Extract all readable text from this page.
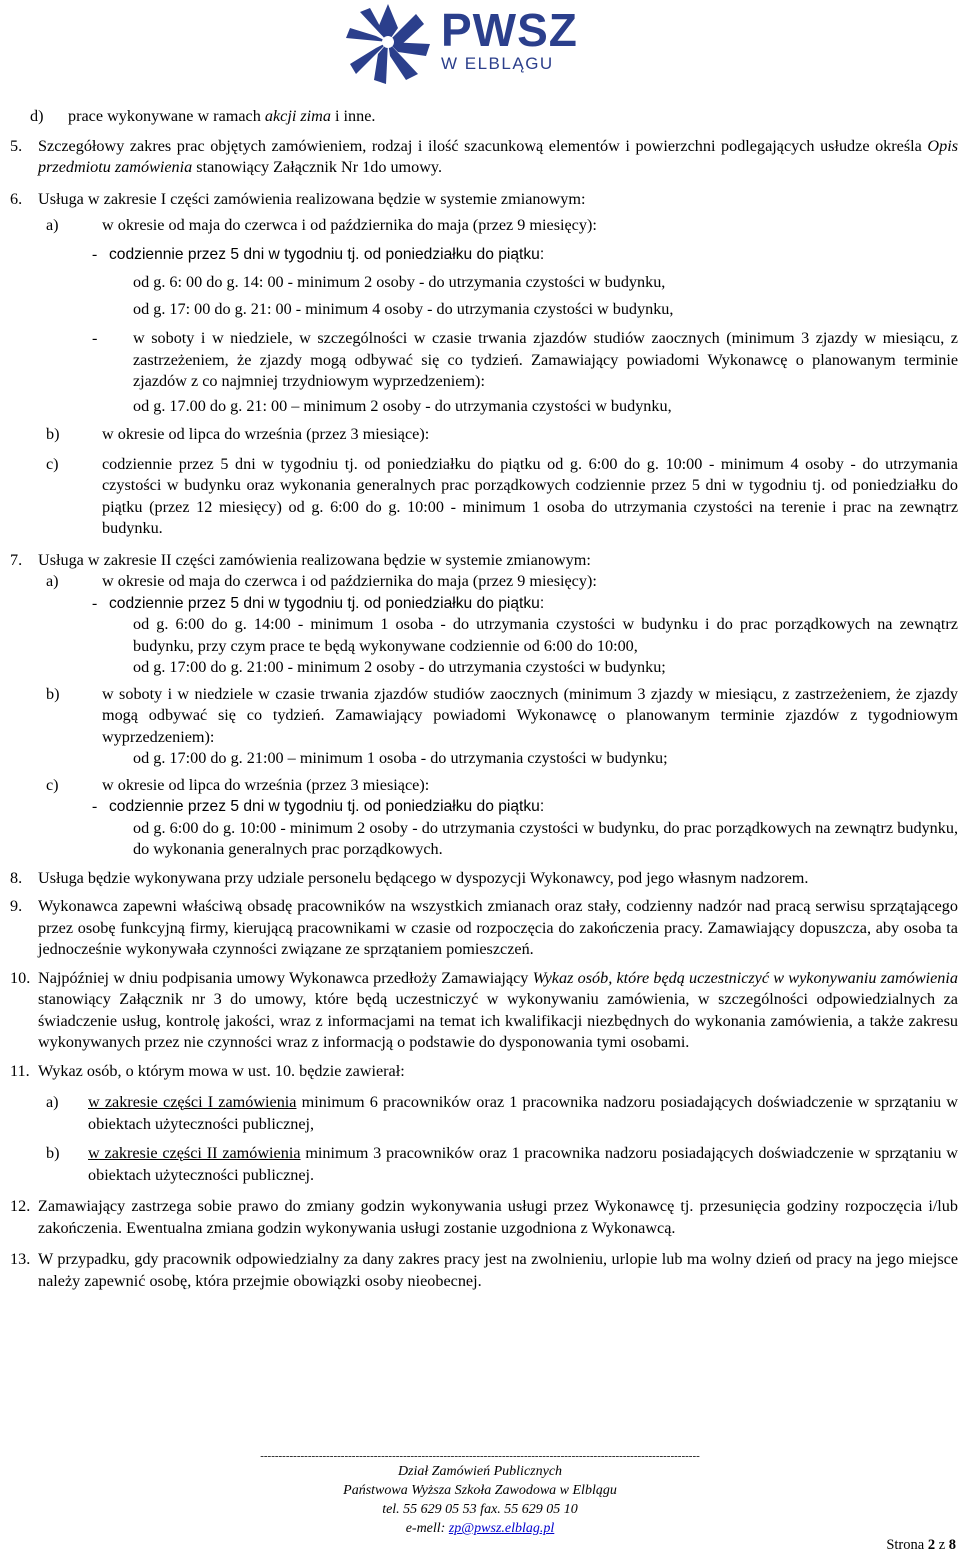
PWSZ
W ELBLĄGU
d)	prace wykonywane w ramach akcji zima i inne.
5. Szczegółowy zakres prac objętych zamówieniem, rodzaj i ilość szacunkową elementów i powierzchni podlegających usłudze określa Opis przedmiotu zamówienia stanowiący Załącznik Nr 1do umowy.
6. Usługa w zakresie I części zamówienia realizowana będzie w systemie zmianowym:
a)	w okresie od maja do czerwca i od października do maja (przez 9 miesięcy):
- codziennie przez 5 dni w tygodniu tj. od poniedziałku do piątku:
od g. 6: 00 do g. 14: 00 - minimum 2 osoby - do utrzymania czystości w budynku,
od g. 17: 00 do g. 21: 00 - minimum 4 osoby - do utrzymania czystości w budynku,
- w soboty i w niedziele, w szczególności w czasie trwania zjazdów studiów zaocznych (minimum 3 zjazdy w miesiącu, z zastrzeżeniem, że zjazdy mogą odbywać się co tydzień. Zamawiający powiadomi Wykonawcę o planowanym terminie zjazdów z co najmniej trzydniowym wyprzedzeniem):
od g. 17.00 do g. 21: 00 – minimum 2 osoby - do utrzymania czystości w budynku,
b)	w okresie od lipca do września (przez 3 miesiące):
c)	codziennie przez 5 dni w tygodniu tj. od poniedziałku do piątku od g. 6:00 do g. 10:00 - minimum 4 osoby - do utrzymania czystości w budynku oraz wykonania generalnych prac porządkowych codziennie przez 5 dni w tygodniu tj. od poniedziałku do piątku (przez 12 miesięcy) od g. 6:00 do g. 10:00 - minimum 1 osoba do utrzymania czystości na terenie i prac na zewnątrz budynku.
7. Usługa w zakresie II części zamówienia realizowana będzie w systemie zmianowym:
a)	w okresie od maja do czerwca i od października do maja (przez 9 miesięcy):
- codziennie przez 5 dni w tygodniu tj. od poniedziałku do piątku:
od g. 6:00 do g. 14:00 - minimum 1 osoba - do utrzymania czystości w budynku i do prac porządkowych na zewnątrz budynku, przy czym prace te będą wykonywane codziennie od 6:00 do 10:00,
od g. 17:00 do g. 21:00 - minimum 2 osoby - do utrzymania czystości w budynku;
b)	w soboty i w niedziele w czasie trwania zjazdów studiów zaocznych (minimum 3 zjazdy w miesiącu, z zastrzeżeniem, że zjazdy mogą odbywać się co tydzień. Zamawiający powiadomi Wykonawcę o planowanym terminie zjazdów z tygodniowym wyprzedzeniem):
od g. 17:00 do g. 21:00 – minimum 1 osoba - do utrzymania czystości w budynku;
c)	w okresie od lipca do września (przez 3 miesiące):
- codziennie przez 5 dni w tygodniu tj. od poniedziałku do piątku:
od g. 6:00 do g. 10:00 - minimum 2 osoby - do utrzymania czystości w budynku, do prac porządkowych na zewnątrz budynku, do wykonania generalnych prac porządkowych.
8. Usługa będzie wykonywana przy udziale personelu będącego w dyspozycji Wykonawcy, pod jego własnym nadzorem.
9. Wykonawca zapewni właściwą obsadę pracowników na wszystkich zmianach oraz stały, codzienny nadzór nad pracą serwisu sprzątającego przez osobę funkcyjną firmy, kierującą pracownikami w czasie od rozpoczęcia do zakończenia pracy. Zamawiający dopuszcza, aby osoba ta jednocześnie wykonywała czynności związane ze sprzątaniem pomieszczeń.
10. Najpóźniej w dniu podpisania umowy Wykonawca przedłoży Zamawiający Wykaz osób, które będą uczestniczyć w wykonywaniu zamówienia stanowiący Załącznik nr 3 do umowy, które będą uczestniczyć w wykonywaniu zamówienia, w szczególności odpowiedzialnych za świadczenie usług, kontrolę jakości, wraz z informacjami na temat ich kwalifikacji niezbędnych do wykonania zamówienia, a także zakresu wykonywanych przez nie czynności wraz z informacją o podstawie do dysponowania tymi osobami.
11. Wykaz osób, o którym mowa w ust. 10. będzie zawierał:
a)	w zakresie części I zamówienia minimum 6 pracowników oraz 1 pracownika nadzoru posiadających doświadczenie w sprzątaniu w obiektach użyteczności publicznej,
b)	w zakresie części II zamówienia minimum 3 pracowników oraz 1 pracownika nadzoru posiadających doświadczenie w sprzątaniu w obiektach użyteczności publicznej.
12. Zamawiający zastrzega sobie prawo do zmiany godzin wykonywania usługi przez Wykonawcę tj. przesunięcia godziny rozpoczęcia i/lub zakończenia. Ewentualna zmiana godzin wykonywania usługi zostanie uzgodniona z Wykonawcą.
13. W przypadku, gdy pracownik odpowiedzialny za dany zakres pracy jest na zwolnieniu, urlopie lub ma wolny dzień od pracy na jego miejsce należy zapewnić osobę, która przejmie obowiązki osoby nieobecnej.
------------------------------------------------------------------------------------------------------------------------
Dział Zamówień Publicznych
Państwowa Wyższa Szkoła Zawodowa w Elblągu
tel. 55 629 05 53 fax. 55 629 05 10
e-mell: zp@pwsz.elblag.pl
Strona 2 z 8
